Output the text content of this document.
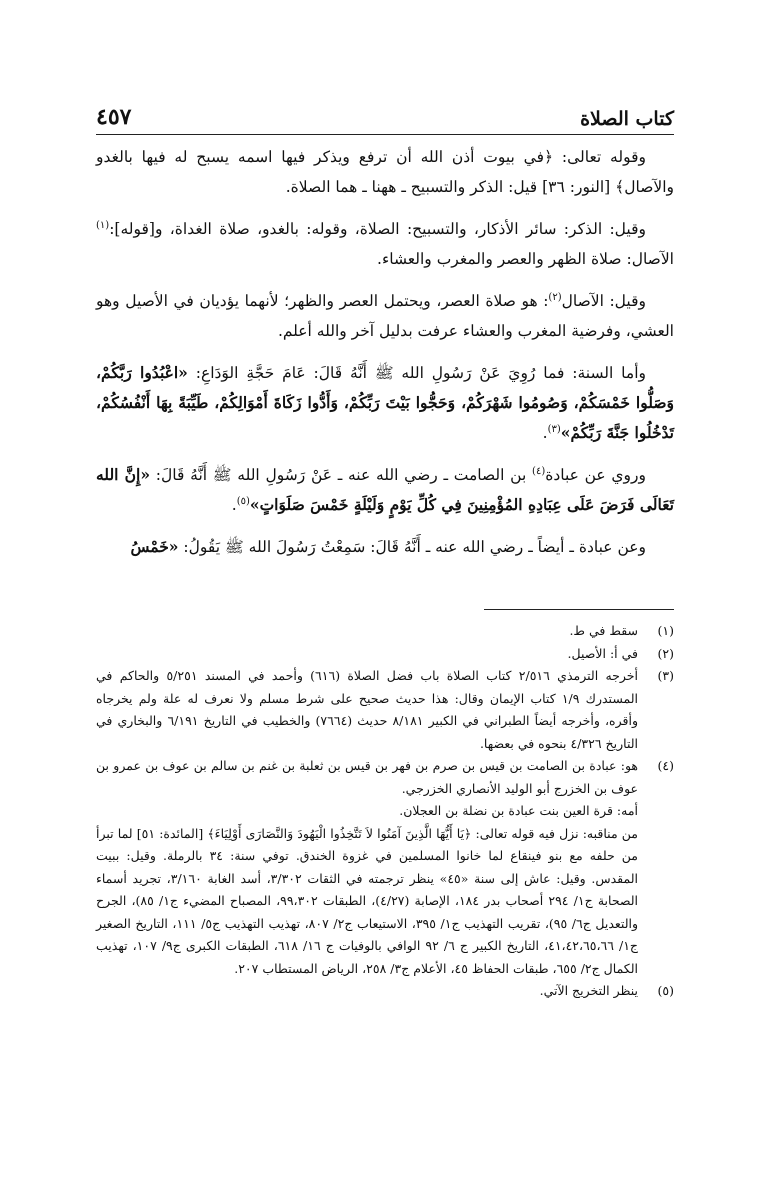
كتاب الصلاة
٤٥٧

وقوله تعالى: ﴿في بيوت أذن الله أن ترفع ويذكر فيها اسمه يسبح له فيها بالغدو والآصال﴾ [النور: ٣٦] قيل: الذكر والتسبيح ـ ههنا ـ هما الصلاة.

وقيل: الذكر: سائر الأذكار، والتسبيح: الصلاة، وقوله: بالغدو، صلاة الغداة، و[قوله]:$^{(١)}$ الآصال: صلاة الظهر والعصر والمغرب والعشاء.

وقيل: الآصال$^{(٢)}$: هو صلاة العصر، ويحتمل العصر والظهر؛ لأنهما يؤديان في الأصيل وهو العشي، وفرضية المغرب والعشاء عرفت بدليل آخر والله أعلم.

وأما السنة: فما رُوِيَ عَنْ رَسُولِ الله ﷺ أَنَّهُ قَالَ: عَامَ حَجَّةِ الوَدَاعِ: «اعْبُدُوا رَبَّكُمْ، وَصَلُّوا خَمْسَكُمْ، وَصُومُوا شَهْرَكُمْ، وَحَجُّوا بَيْتَ رَبِّكُمْ، وَأَدُّوا زَكَاةَ أَمْوَالِكُمْ، طَيِّبَةً بِهَا أَنْفُسُكُمْ، تَدْخُلُوا جَنَّةَ رَبِّكُمْ»$^{(٣)}$.

وروي عن عبادة$^{(٤)}$ بن الصامت ـ رضي الله عنه ـ عَنْ رَسُولِ الله ﷺ أَنَّهُ قَالَ: «إِنَّ الله تَعَالَى فَرَضَ عَلَى عِبَادِهِ المُؤْمِنِينَ فِي كُلِّ يَوْمٍ وَلَيْلَةٍ خَمْسَ صَلَوَاتٍ»$^{(٥)}$.

وعن عبادة ـ أيضاً ـ رضي الله عنه ـ أَنَّهُ قَالَ: سَمِعْتُ رَسُولَ الله ﷺ يَقُولُ: «خَمْسُ

(١)

سقط في ط.

(٢)

في أ: الأصيل.

(٣)

أخرجه الترمذي ٢/٥١٦ كتاب الصلاة باب فضل الصلاة (٦١٦) وأحمد في المسند ٥/٢٥١ والحاكم في المستدرك ١/٩ كتاب الإيمان وقال: هذا حديث صحيح على شرط مسلم ولا نعرف له علة ولم يخرجاه وأقره، وأخرجه أيضاً الطبراني في الكبير ٨/١٨١ حديث (٧٦٦٤) والخطيب في التاريخ ٦/١٩١ والبخاري في التاريخ ٤/٣٢٦ بنحوه في بعضها.

(٤)

هو: عبادة بن الصامت بن قيس بن صرم بن فهر بن قيس بن ثعلبة بن غنم بن سالم بن عوف بن عمرو بن عوف بن الخزرج أبو الوليد الأنصاري الخزرجي.

أمه: قرة العين بنت عبادة بن نضلة بن العجلان.

من مناقبه: نزل فيه قوله تعالى: ﴿يَا أَيُّهَا الَّذِينَ آمَنُوا لاَ تَتَّخِذُوا الْيَهُودَ وَالنَّصَارَى أَوْلِيَاءَ﴾ [المائدة: ٥١] لما تبرأ من حلفه مع بنو فينقاع لما خانوا المسلمين في غزوة الخندق. توفي سنة: ٣٤ بالرملة. وقيل: ببيت المقدس. وقيل: عاش إلى سنة «٤٥» ينظر ترجمته في الثقات ٣/٣٠٢، أسد الغابة ٣/١٦٠، تجريد أسماء الصحابة ج١/ ٢٩٤ أصحاب بدر ١٨٤، الإصابة (٤/٢٧)، الطبقات ٩٩،٣٠٢، المصباح المضيء ج١/ ٨٥)، الجرح والتعديل ج٦/ ٩٥)، تقريب التهذيب ج١/ ٣٩٥، الاستيعاب ج٢/ ٨٠٧، تهذيب التهذيب ج٥/ ١١١، التاريخ الصغير ج١/ ٤١،٤٢،٦٥،٦٦، التاريخ الكبير ج ٦/ ٩٢ الوافي بالوفيات ج ١٦/ ٦١٨، الطبقات الكبرى ج٩/ ١٠٧، تهذيب الكمال ج٢/ ٦٥٥، طبقات الحفاظ ٤٥، الأعلام ج٣/ ٢٥٨، الرياض المستطاب ٢٠٧.

(٥)

ينظر التخريج الآتي.
